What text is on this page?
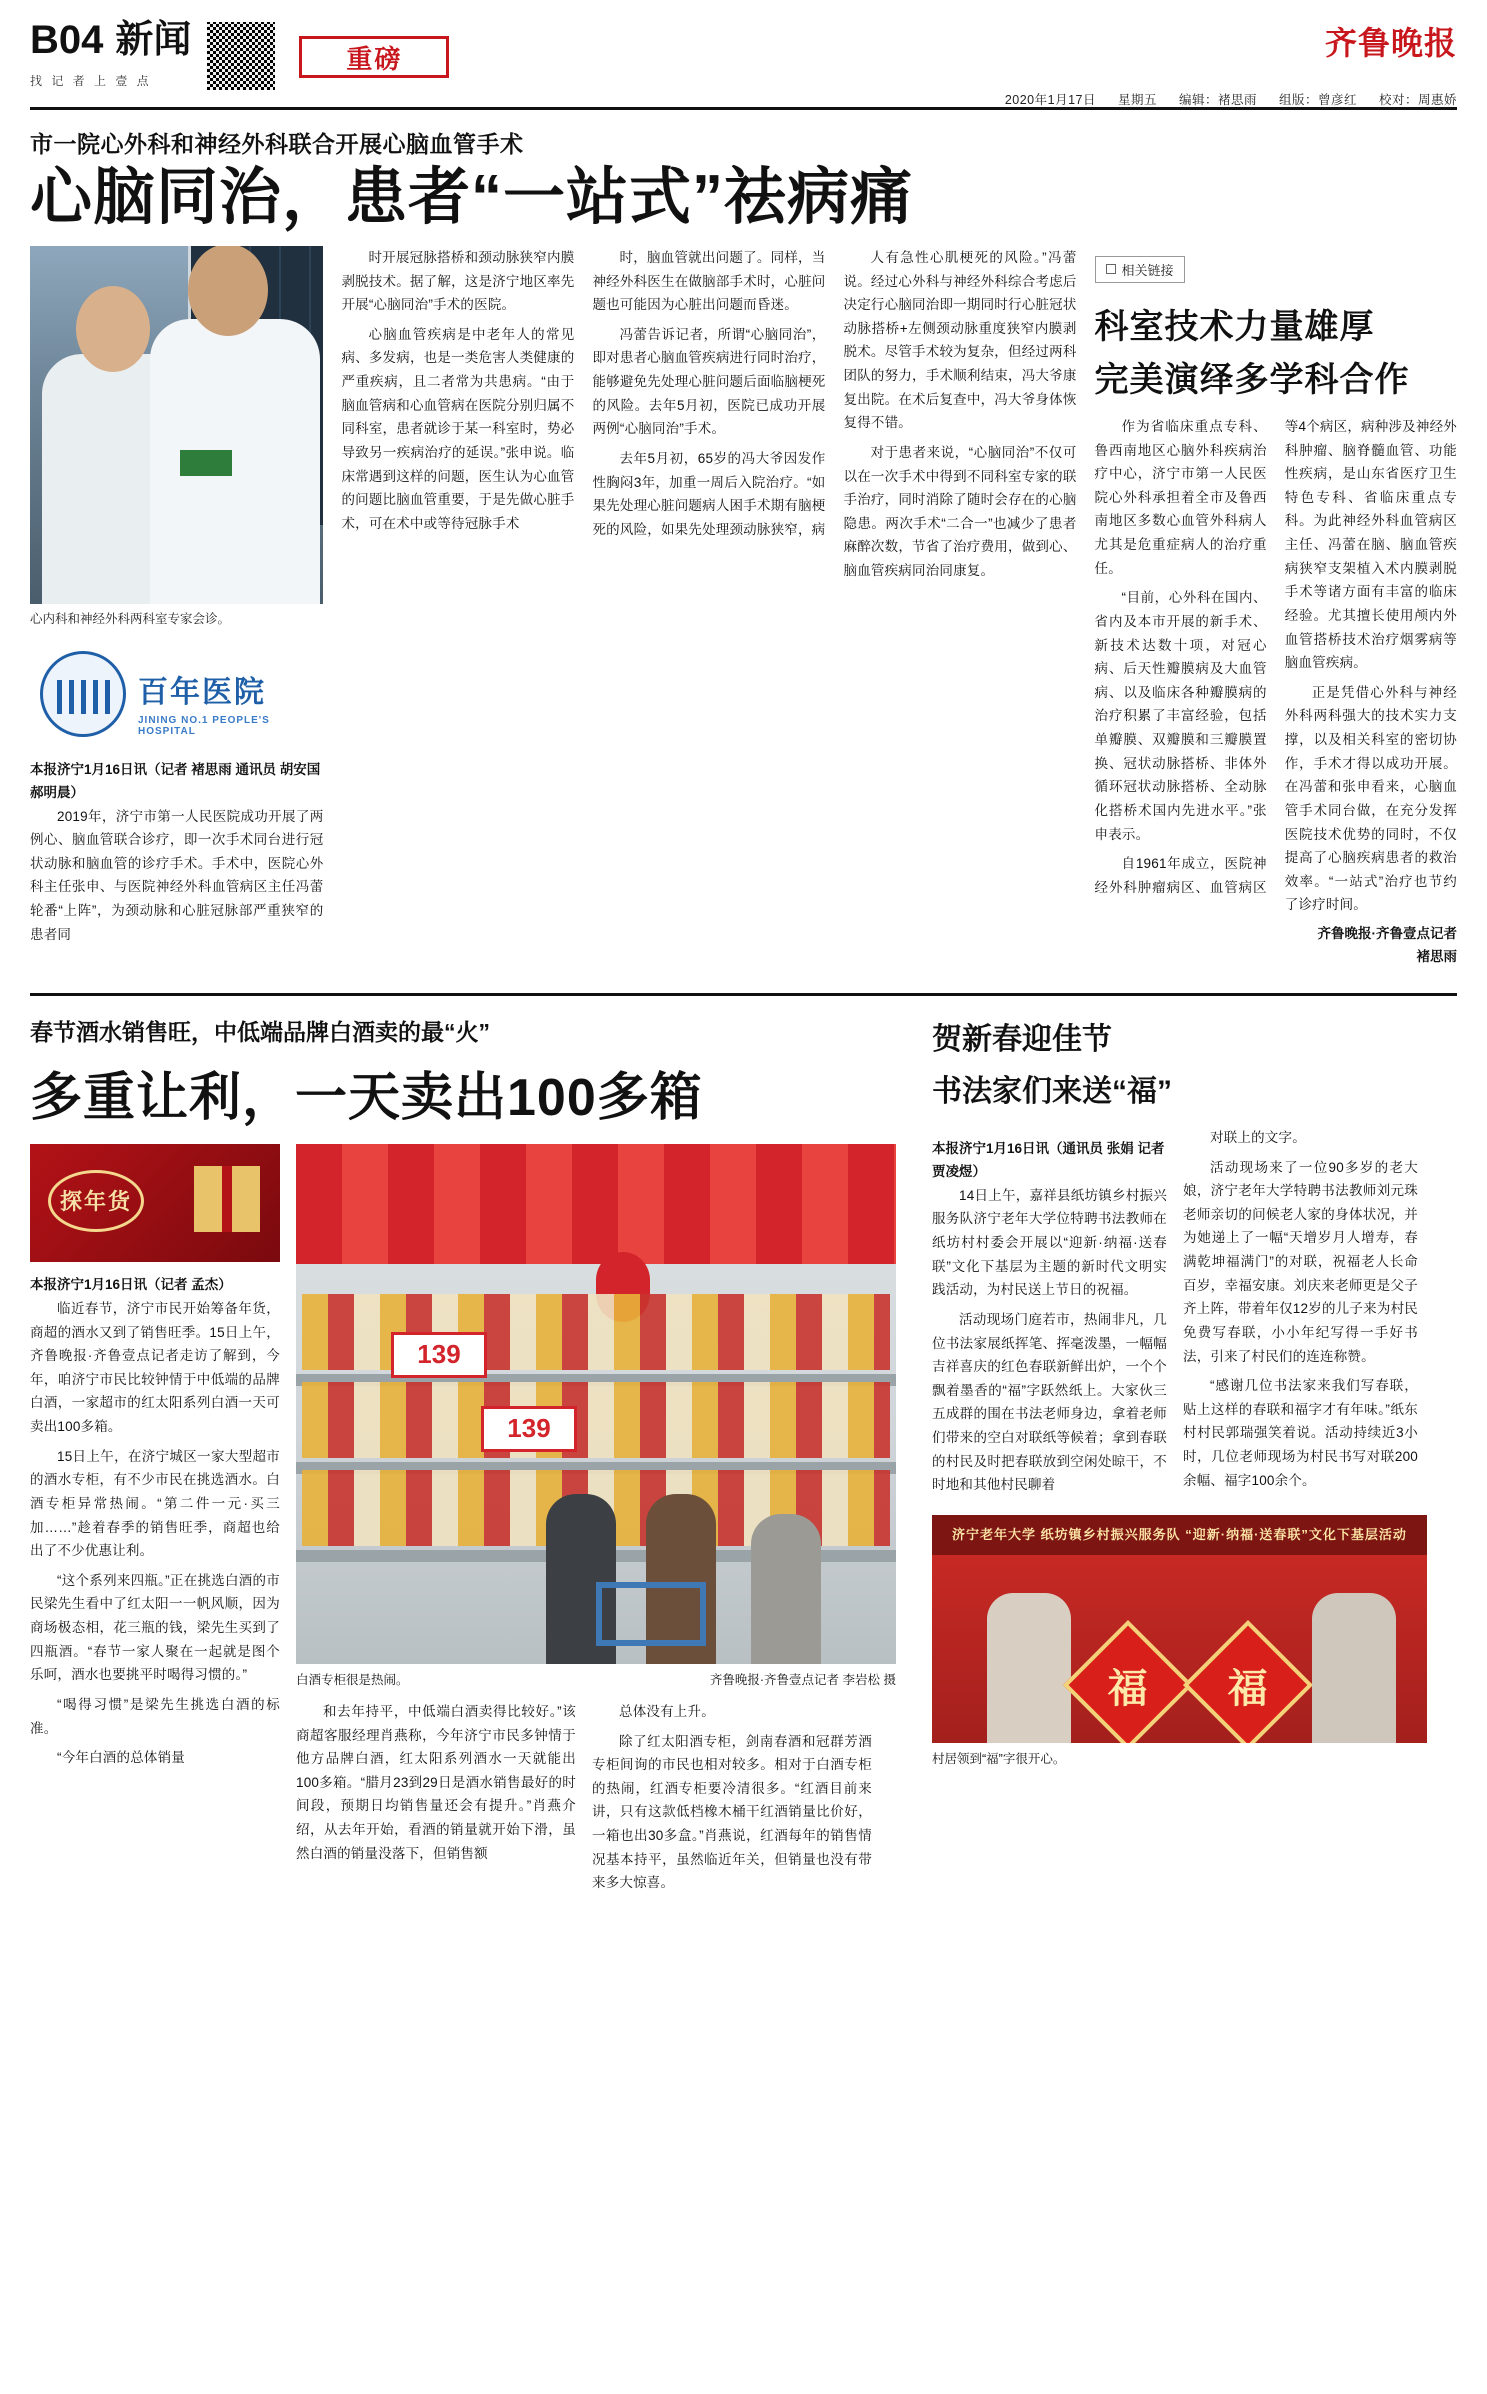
B04 新闻
找 记 者 上 壹 点
重磅	齐鲁晚报
2020年1月17日 星期五 编辑：褚思雨 组版：曾彦红 校对：周惠娇
市一院心外科和神经外科联合开展心脑血管手术
心脑同治，患者“一站式”祛病痛
心内科和神经外科两科室专家会诊。
百年医院
JINING NO.1 PEOPLE'S HOSPITAL
本报济宁1月16日讯（记者 褚思雨 通讯员 胡安国 郝明晨）

2019年，济宁市第一人民医院成功开展了两例心、脑血管联合诊疗，即一次手术同台进行冠状动脉和脑血管的诊疗手术。手术中，医院心外科主任张申、与医院神经外科血管病区主任冯蕾轮番“上阵”，为颈动脉和心脏冠脉部严重狭窄的患者同

时开展冠脉搭桥和颈动脉狭窄内膜剥脱技术。据了解，这是济宁地区率先开展“心脑同治”手术的医院。

心脑血管疾病是中老年人的常见病、多发病，也是一类危害人类健康的严重疾病，且二者常为共患病。“由于脑血管病和心血管病在医院分别归属不同科室，患者就诊于某一科室时，势必导致另一疾病治疗的延误。”张申说。临床常遇到这样的问题，医生认为心血管的问题比脑血管重要，于是先做心脏手术，可在术中或等待冠脉手术

时，脑血管就出问题了。同样，当神经外科医生在做脑部手术时，心脏问题也可能因为心脏出问题而昏迷。

冯蕾告诉记者，所谓“心脑同治”，即对患者心脑血管疾病进行同时治疗，能够避免先处理心脏问题后面临脑梗死的风险。去年5月初，医院已成功开展两例“心脑同治”手术。

去年5月初，65岁的冯大爷因发作性胸闷3年，加重一周后入院治疗。“如果先处理心脏问题病人困手术期有脑梗死的风险，如果先处理颈动脉狭窄，病

人有急性心肌梗死的风险。”冯蕾说。经过心外科与神经外科综合考虑后决定行心脑同治即一期同时行心脏冠状动脉搭桥+左侧颈动脉重度狭窄内膜剥脱术。尽管手术较为复杂，但经过两科团队的努力，手术顺利结束，冯大爷康复出院。在术后复查中，冯大爷身体恢复得不错。

对于患者来说，“心脑同治”不仅可以在一次手术中得到不同科室专家的联手治疗，同时消除了随时会存在的心脑隐患。两次手术“二合一”也减少了患者麻醉次数，节省了治疗费用，做到心、脑血管疾病同治同康复。

相关链接
科室技术力量雄厚
完美演绎多学科合作

作为省临床重点专科、鲁西南地区心脑外科疾病治疗中心，济宁市第一人民医院心外科承担着全市及鲁西南地区多数心血管外科病人尤其是危重症病人的治疗重任。

“目前，心外科在国内、省内及本市开展的新手术、新技术达数十项，对冠心病、后天性瓣膜病及大血管病、以及临床各种瓣膜病的治疗积累了丰富经验，包括单瓣膜、双瓣膜和三瓣膜置换、冠状动脉搭桥、非体外循环冠状动脉搭桥、全动脉化搭桥术国内先进水平。”张申表示。

自1961年成立，医院神经外科肿瘤病区、血管病区等4个病区，病种涉及神经外科肿瘤、脑脊髓血管、功能性疾病，是山东省医疗卫生特色专科、省临床重点专科。为此神经外科血管病区主任、冯蕾在脑、脑血管疾病狭窄支架植入术内膜剥脱手术等诸方面有丰富的临床经验。尤其擅长使用颅内外血管搭桥技术治疗烟雾病等脑血管疾病。

正是凭借心外科与神经外科两科强大的技术实力支撑，以及相关科室的密切协作，手术才得以成功开展。在冯蕾和张申看来，心脑血管手术同台做，在充分发挥医院技术优势的同时，不仅提高了心脑疾病患者的救治效率。“一站式”治疗也节约了诊疗时间。

齐鲁晚报·齐鲁壹点记者
褚思雨
春节酒水销售旺，中低端品牌白酒卖的最“火”
多重让利，一天卖出100多箱
探年货
本报济宁1月16日讯（记者 孟杰）

临近春节，济宁市民开始筹备年货，商超的酒水又到了销售旺季。15日上午，齐鲁晚报·齐鲁壹点记者走访了解到，今年，咱济宁市民比较钟情于中低端的品牌白酒，一家超市的红太阳系列白酒一天可卖出100多箱。

15日上午，在济宁城区一家大型超市的酒水专柜，有不少市民在挑选酒水。白酒专柜异常热闹。“第二件一元·买三加……”趁着春季的销售旺季，商超也给出了不少优惠让利。

“这个系列来四瓶。”正在挑选白酒的市民梁先生看中了红太阳一一帆风顺，因为商场极态相，花三瓶的钱，梁先生买到了四瓶酒。“春节一家人聚在一起就是图个乐呵，酒水也要挑平时喝得习惯的。”

“喝得习惯”是梁先生挑选白酒的标准。

“今年白酒的总体销量

139
139
齐鲁晚报·齐鲁壹点记者 李岩松 摄
白酒专柜很是热闹。

和去年持平，中低端白酒卖得比较好。”该商超客服经理肖燕称，今年济宁市民多钟情于他方品牌白酒，红太阳系列酒水一天就能出100多箱。“腊月23到29日是酒水销售最好的时间段，预期日均销售量还会有提升。”肖燕介绍，从去年开始，看酒的销量就开始下滑，虽然白酒的销量没落下，但销售额

总体没有上升。

除了红太阳酒专柜，剑南春酒和冠群芳酒专柜间询的市民也相对较多。相对于白酒专柜的热闹，红酒专柜要冷清很多。“红酒目前来讲，只有这款低档橡木桶干红酒销量比价好，一箱也出30多盒。”肖燕说，红酒每年的销售情况基本持平，虽然临近年关，但销量也没有带来多大惊喜。

贺新春迎佳节
书法家们来送“福”
本报济宁1月16日讯（通讯员 张娟 记者 贾凌煜）

14日上午，嘉祥县纸坊镇乡村振兴服务队济宁老年大学位特聘书法教师在纸坊村村委会开展以“迎新·纳福·送春联”文化下基层为主题的新时代文明实践活动，为村民送上节日的祝福。

活动现场门庭若市，热闹非凡，几位书法家展纸挥笔、挥毫泼墨，一幅幅吉祥喜庆的红色春联新鲜出炉，一个个飘着墨香的“福”字跃然纸上。大家伙三五成群的围在书法老师身边，拿着老师们带来的空白对联纸等候着；拿到春联的村民及时把春联放到空闲处晾干，不时地和其他村民聊着

对联上的文字。

活动现场来了一位90多岁的老大娘，济宁老年大学特聘书法教师刘元珠老师亲切的问候老人家的身体状况，并为她递上了一幅“天增岁月人增寿，春满乾坤福满门”的对联，祝福老人长命百岁，幸福安康。刘庆来老师更是父子齐上阵，带着年仅12岁的儿子来为村民免费写春联，小小年纪写得一手好书法，引来了村民们的连连称赞。

“感谢几位书法家来我们写春联，贴上这样的春联和福字才有年味。”纸东村村民郭瑞强笑着说。活动持续近3小时，几位老师现场为村民书写对联200余幅、福字100余个。

济宁老年大学 纸坊镇乡村振兴服务队 “迎新·纳福·送春联”文化下基层活动
福 福
村居领到“福”字很开心。
